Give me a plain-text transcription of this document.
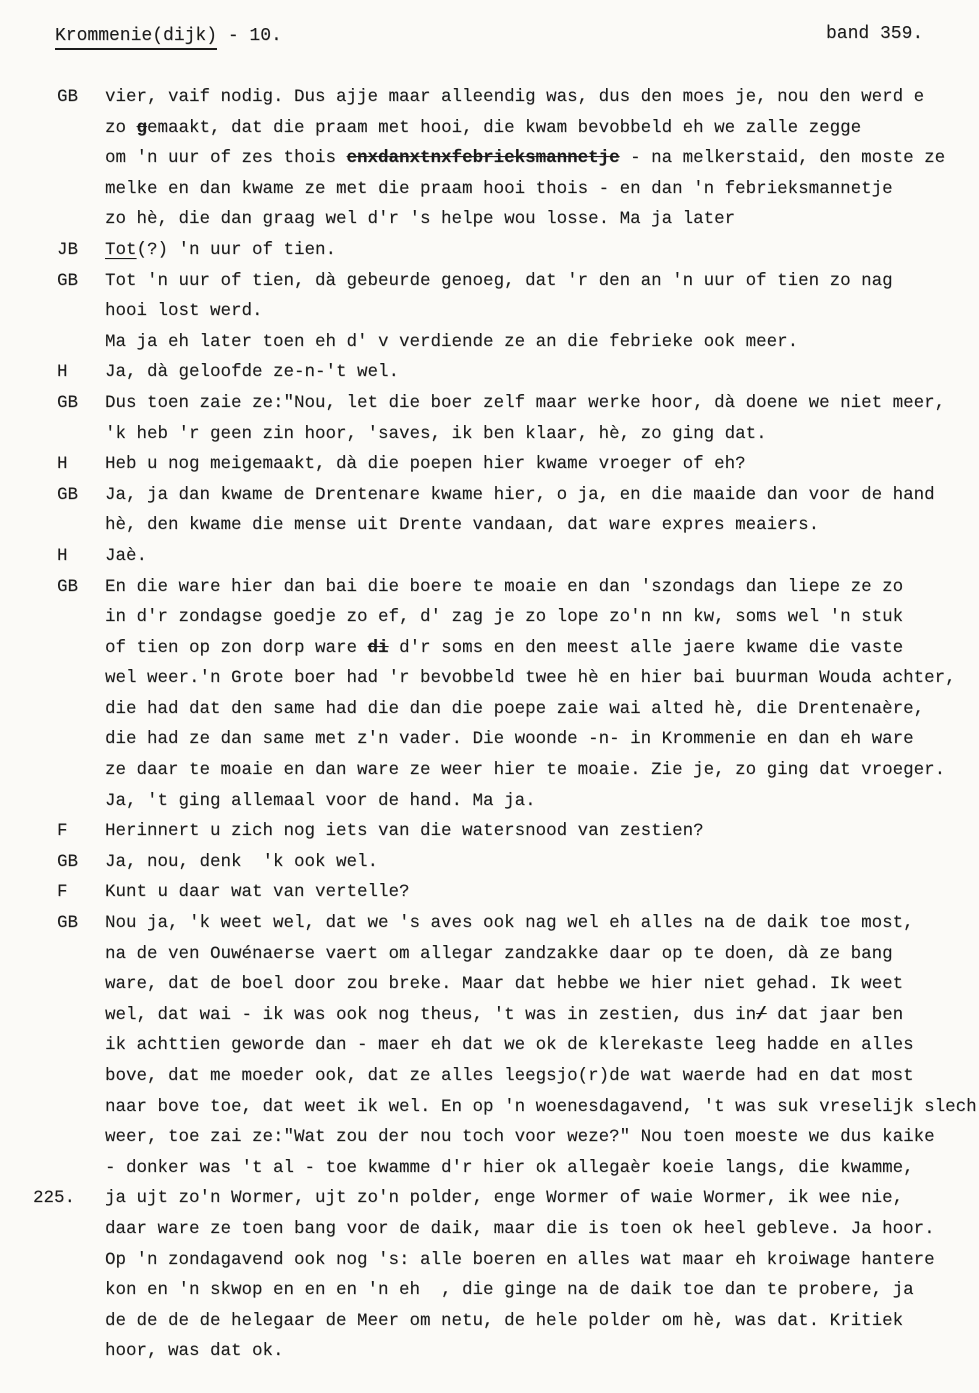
Krommenie(dijk) - 10.	band 359.
GB vier, vaif nodig. Dus ajje maar alleendig was, dus den moes je, nou den werd e
zo gemaakt, dat die praam met hooi, die kwam bevobbeld eh we zalle zegge
om 'n uur of zes thois enxdanxtnxfebrieksmannetje - na melkerstaid, den moste ze
melke en dan kwame ze met die praam hooi thois - en dan 'n febrieksmannetje
zo hè, die dan graag wel d'r 's helpe wou losse. Ma ja later
JB Tot(?) 'n uur of tien.
GB Tot 'n uur of tien, dà gebeurde genoeg, dat 'r den an 'n uur of tien zo nag
hooi lost werd.
Ma ja eh later toen eh d' v verdiende ze an die febrieke ook meer.
H Ja, dà geloofde ze-n-'t wel.
GB Dus toen zaie ze:"Nou, let die boer zelf maar werke hoor, dà doene we niet meer,
'k heb 'r geen zin hoor, 'saves, ik ben klaar, hè, zo ging dat.
H Heb u nog meigemaakt, dà die poepen hier kwame vroeger of eh?
GB Ja, ja dan kwame de Drentenare kwame hier, o ja, en die maaide dan voor de hand
hè, den kwame die mense uit Drente vandaan, dat ware expres meaiers.
H Jaè.
GB En die ware hier dan bai die boere te moaie en dan 'szondags dan liepe ze zo
in d'r zondagse goedje zo ef, d' zag je zo lope zo'n nn kw, soms wel 'n stuk
of tien op zon dorp ware di d'r soms en den meest alle jaere kwame die vaste
wel weer.'n Grote boer had 'r bevobbeld twee hè en hier bai buurman Wouda achter,
die had dat den same had die dan die poepe zaie wai alted hè, die Drentenaère,
die had ze dan same met z'n vader. Die woonde -n- in Krommenie en dan eh ware
ze daar te moaie en dan ware ze weer hier te moaie. Zie je, zo ging dat vroeger.
Ja, 't ging allemaal voor de hand. Ma ja.
F Herinnert u zich nog iets van die watersnood van zestien?
GB Ja, nou, denk  'k ook wel.
F Kunt u daar wat van vertelle?
GB Nou ja, 'k weet wel, dat we 's aves ook nag wel eh alles na de daik toe most,
na de ven Ouwénaerse vaert om allegar zandzakke daar op te doen, dà ze bang
ware, dat de boel door zou breke. Maar dat hebbe we hier niet gehad. Ik weet
wel, dat wai - ik was ook nog theus, 't was in zestien, dus in/ dat jaar ben
ik achttien geworde dan - maer eh dat we ok de klerekaste leeg hadde en alles
bove, dat me moeder ook, dat ze alles leegsjo(r)de wat waerde had en dat most
naar bove toe, dat weet ik wel. En op 'n woenesdagavend, 't was suk vreselijk slech
weer, toe zai ze:"Wat zou der nou toch voor weze?" Nou toen moeste we dus kaike
- donker was 't al - toe kwamme d'r hier ok allegaèr koeie langs, die kwamme,
225. ja ujt zo'n Wormer, ujt zo'n polder, enge Wormer of waie Wormer, ik wee nie,
daar ware ze toen bang voor de daik, maar die is toen ok heel gebleve. Ja hoor.
Op 'n zondagavend ook nog 's: alle boeren en alles wat maar eh kroiwage hantere
kon en 'n skwop en en en 'n eh  , die ginge na de daik toe dan te probere, ja
de de de de helegaar de Meer om netu, de hele polder om hè, was dat. Kritiek
hoor, was dat ok.
